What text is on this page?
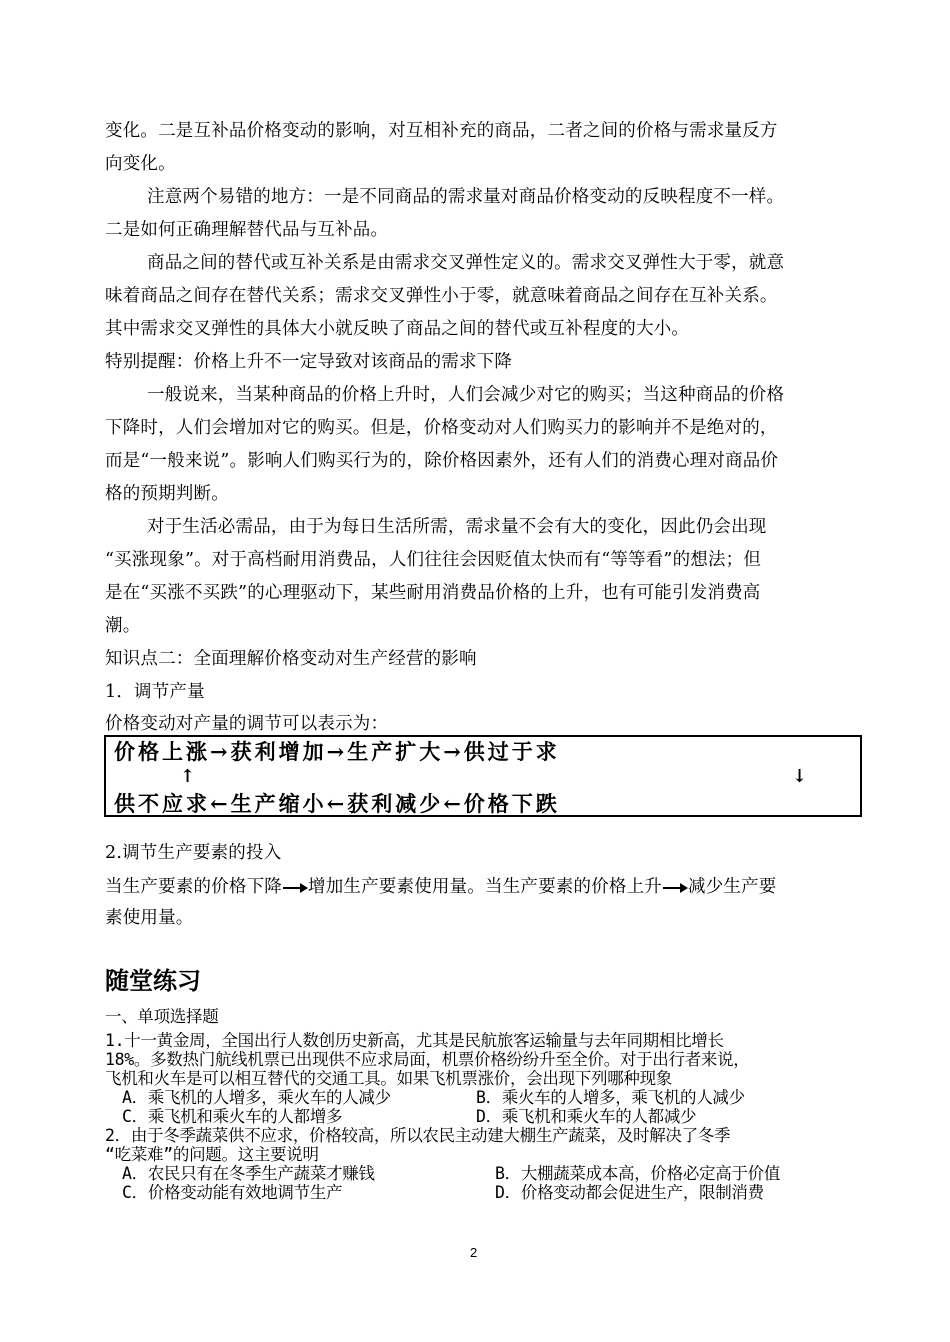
变化。二是互补品价格变动的影响，对互相补充的商品，二者之间的价格与需求量反方
向变化。
注意两个易错的地方：一是不同商品的需求量对商品价格变动的反映程度不一样。
二是如何正确理解替代品与互补品。
商品之间的替代或互补关系是由需求交叉弹性定义的。需求交叉弹性大于零，就意
味着商品之间存在替代关系；需求交叉弹性小于零，就意味着商品之间存在互补关系。
其中需求交叉弹性的具体大小就反映了商品之间的替代或互补程度的大小。
特别提醒：价格上升不一定导致对该商品的需求下降
一般说来，当某种商品的价格上升时，人们会减少对它的购买；当这种商品的价格
下降时，人们会增加对它的购买。但是，价格变动对人们购买力的影响并不是绝对的，
而是“一般来说”。影响人们购买行为的，除价格因素外，还有人们的消费心理对商品价
格的预期判断。
对于生活必需品，由于为每日生活所需，需求量不会有大的变化，因此仍会出现
“买涨现象”。对于高档耐用消费品，人们往往会因贬值太快而有“等等看”的想法；但
是在“买涨不买跌”的心理驱动下，某些耐用消费品价格的上升，也有可能引发消费高
潮。
知识点二：全面理解价格变动对生产经营的影响
1．调节产量
价格变动对产量的调节可以表示为：
价格上涨→获利增加→生产扩大→供过于求
↑	↓
供不应求←生产缩小←获利减少←价格下跌
2.调节生产要素的投入
当生产要素的价格下降 增加生产要素使用量。当生产要素的价格上升 减少生产要
素使用量。
随堂练习
一、单项选择题
1.十一黄金周，全国出行人数创历史新高，尤其是民航旅客运输量与去年同期相比增长
18%。多数热门航线机票已出现供不应求局面，机票价格纷纷升至全价。对于出行者来说，
飞机和火车是可以相互替代的交通工具。如果飞机票涨价，会出现下列哪种现象
A．乘飞机的人增多，乘火车的人减少	B．乘火车的人增多，乘飞机的人减少
C．乘飞机和乘火车的人都增多	D．乘飞机和乘火车的人都减少
2．由于冬季蔬菜供不应求，价格较高，所以农民主动建大棚生产蔬菜，及时解决了冬季
“吃菜难”的问题。这主要说明
A．农民只有在冬季生产蔬菜才赚钱	B．大棚蔬菜成本高，价格必定高于价值
C．价格变动能有效地调节生产	D．价格变动都会促进生产，限制消费
2
